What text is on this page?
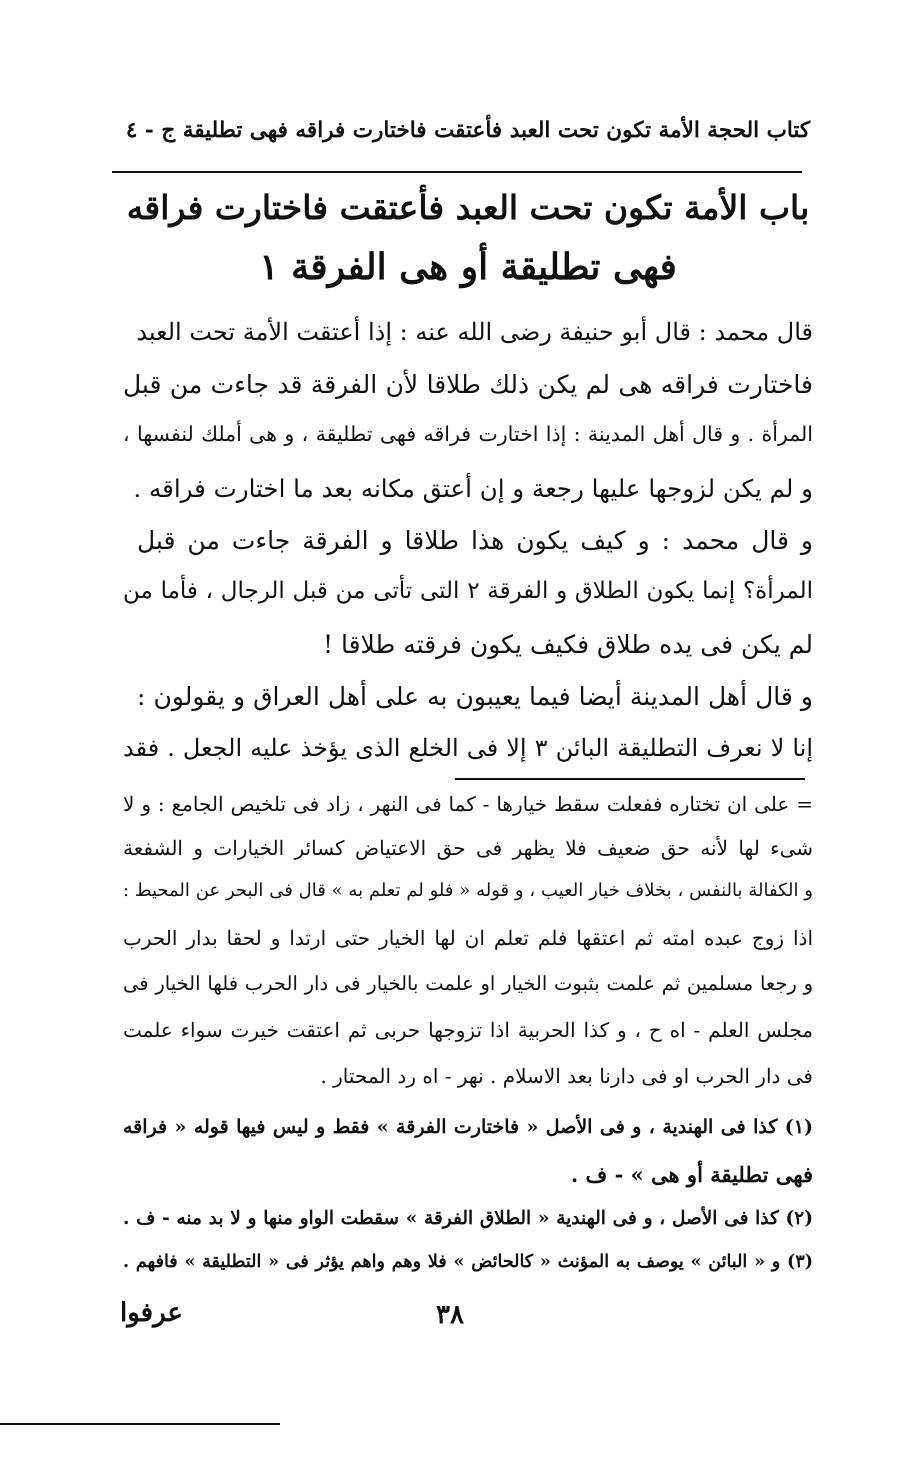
كتاب الحجة الأمة تكون تحت العبد فأعتقت فاختارت فراقه فهى تطليقة ج - ٤
باب الأمة تكون تحت العبد فأعتقت فاختارت فراقه
فهى تطليقة أو هى الفرقة ١
قال محمد : قال أبو حنيفة رضى الله عنه : إذا أعتقت الأمة تحت العبد
فاختارت فراقه هى لم يكن ذلك طلاقا لأن الفرقة قد جاءت من قبل
المرأة . و قال أهل المدينة : إذا اختارت فراقه فهى تطليقة ، و هى أملك لنفسها ،
و لم يكن لزوجها عليها رجعة و إن أعتق مكانه بعد ما اختارت فراقه .
و قال محمد : و كيف يكون هذا طلاقا و الفرقة جاءت من قبل
المرأة؟ إنما يكون الطلاق و الفرقة ٢ التى تأتى من قبل الرجال ، فأما من
لم يكن فى يده طلاق فكيف يكون فرقته طلاقا !
و قال أهل المدينة أيضا فيما يعيبون به على أهل العراق و يقولون :
إنا لا نعرف التطليقة البائن ٣ إلا فى الخلع الذى يؤخذ عليه الجعل . فقد
= على ان تختاره ففعلت سقط خيارها - كما فى النهر ، زاد فى تلخيص الجامع : و لا
شىء لها لأنه حق ضعيف فلا يظهر فى حق الاعتياض كسائر الخيارات و الشفعة
و الكفالة بالنفس ، بخلاف خيار العيب ، و قوله « فلو لم تعلم به » قال فى البحر عن المحيط :
اذا زوج عبده امته ثم اعتقها فلم تعلم ان لها الخيار حتى ارتدا و لحقا بدار الحرب
و رجعا مسلمين ثم علمت بثبوت الخيار او علمت بالخيار فى دار الحرب فلها الخيار فى
مجلس العلم - اه ح ، و كذا الحربية اذا تزوجها حربى ثم اعتقت خيرت سواء علمت
فى دار الحرب او فى دارنا بعد الاسلام . نهر - اه رد المحتار .
(١) كذا فى الهندية ، و فى الأصل « فاختارت الفرقة » فقط و ليس فيها قوله « فراقه
فهى تطليقة أو هى » - ف .
(٢) كذا فى الأصل ، و فى الهندية « الطلاق الفرقة » سقطت الواو منها و لا بد منه - ف .
(٣) و « البائن » يوصف به المؤنث « كالحائض » فلا وهم واهم يؤثر فى « التطليقة » فافهم .
٣٨
عرفوا
